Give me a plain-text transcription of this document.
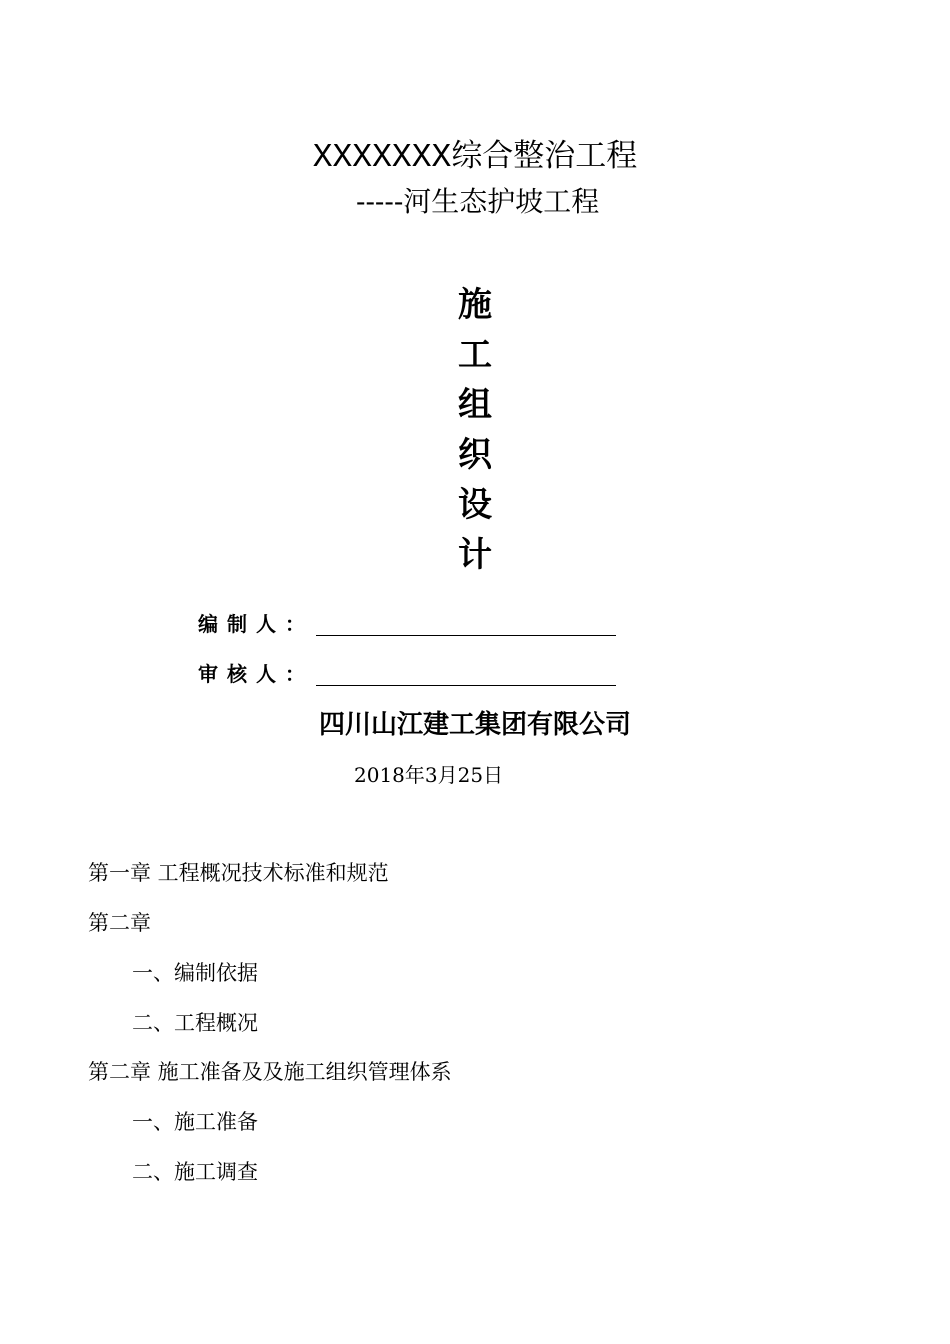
XXXXXXX综合整治工程
-----河生态护坡工程
施
工
组
织
设
计
编制人：
审核人：
四川山江建工集团有限公司
2018年3月25日
第一章 工程概况技术标准和规范
第二章
一、编制依据
二、工程概况
第二章 施工准备及及施工组织管理体系
一、施工准备
二、施工调查
